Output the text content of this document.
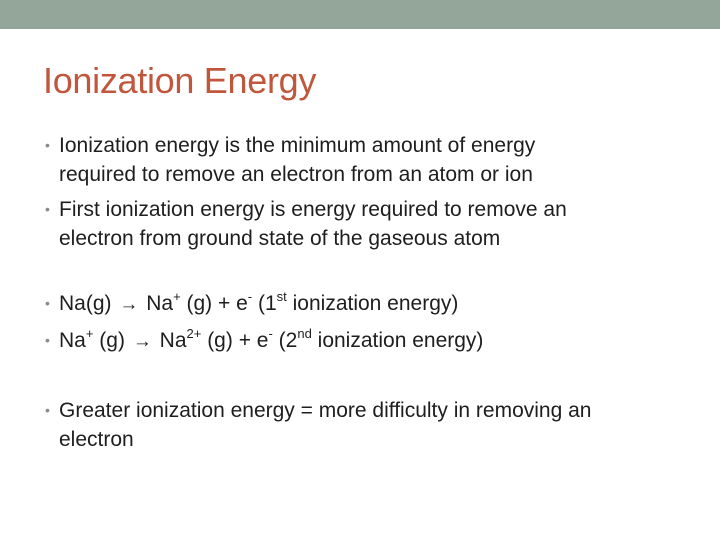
Ionization Energy
• Ionization energy is the minimum amount of energy
required to remove an electron from an atom or ion
• First ionization energy is energy required to remove an
electron from ground state of the gaseous atom
• Na(g) → Na+ (g) + e- (1st ionization energy)
• Na+ $(g) \to Na^{2+}$ (g) + e- (2nd ionization energy)
• Greater ionization energy = more difficulty in removing an
electron
